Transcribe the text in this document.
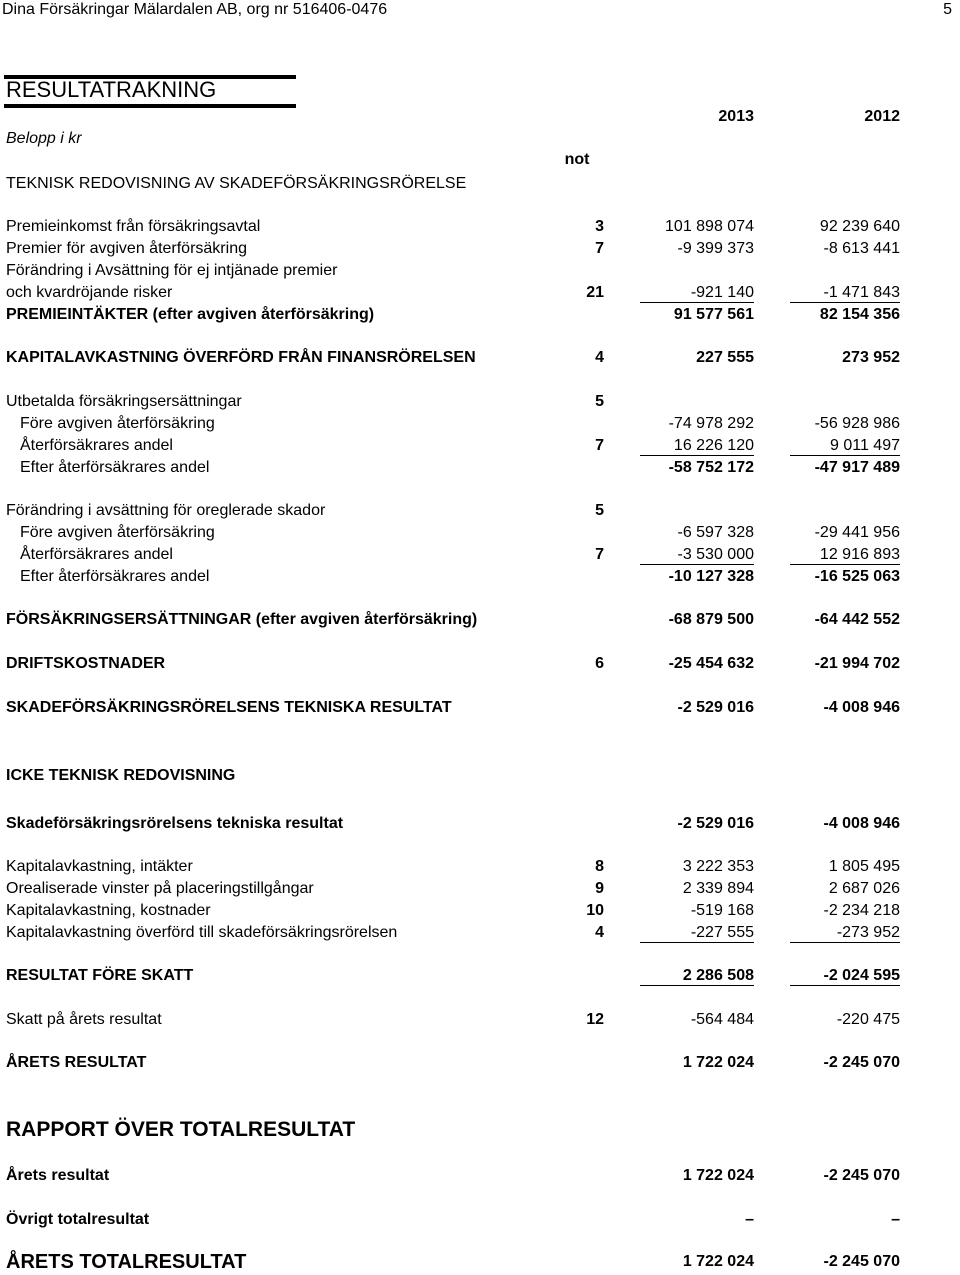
Dina Försäkringar Mälardalen AB, org nr 516406-0476	5
RESULTATRAKNING
2013	2012
Belopp i kr
not
TEKNISK REDOVISNING AV SKADEFÖRSÄKRINGSRÖRELSE
Premieinkomst från försäkringsavtal	3	101 898 074	92 239 640
Premier för avgiven återförsäkring	7	-9 399 373	-8 613 441
Förändring i Avsättning för ej intjänade premier
och kvardröjande risker	21	-921 140	-1 471 843
PREMIEINTÄKTER (efter avgiven återförsäkring)	91 577 561	82 154 356
KAPITALAVKASTNING ÖVERFÖRD FRÅN FINANSRÖRELSEN	4	227 555	273 952
Utbetalda försäkringsersättningar	5
Före avgiven återförsäkring	-74 978 292	-56 928 986
Återförsäkrares andel	7	16 226 120	9 011 497
Efter återförsäkrares andel	-58 752 172	-47 917 489
Förändring i avsättning för oreglerade skador	5
Före avgiven återförsäkring	-6 597 328	-29 441 956
Återförsäkrares andel	7	-3 530 000	12 916 893
Efter återförsäkrares andel	-10 127 328	-16 525 063
FÖRSÄKRINGSERSÄTTNINGAR (efter avgiven återförsäkring)	-68 879 500	-64 442 552
DRIFTSKOSTNADER	6	-25 454 632	-21 994 702
SKADEFÖRSÄKRINGSRÖRELSENS TEKNISKA RESULTAT	-2 529 016	-4 008 946
ICKE TEKNISK REDOVISNING
Skadeförsäkringsrörelsens tekniska resultat	-2 529 016	-4 008 946
Kapitalavkastning, intäkter	8	3 222 353	1 805 495
Orealiserade vinster på placeringstillgångar	9	2 339 894	2 687 026
Kapitalavkastning, kostnader	10	-519 168	-2 234 218
Kapitalavkastning överförd till skadeförsäkringsrörelsen	4	-227 555	-273 952
RESULTAT FÖRE SKATT	2 286 508	-2 024 595
Skatt på årets resultat	12	-564 484	-220 475
ÅRETS RESULTAT	1 722 024	-2 245 070
RAPPORT ÖVER TOTALRESULTAT
Årets resultat	1 722 024	-2 245 070
Övrigt totalresultat	–	–
ÅRETS TOTALRESULTAT	1 722 024	-2 245 070
